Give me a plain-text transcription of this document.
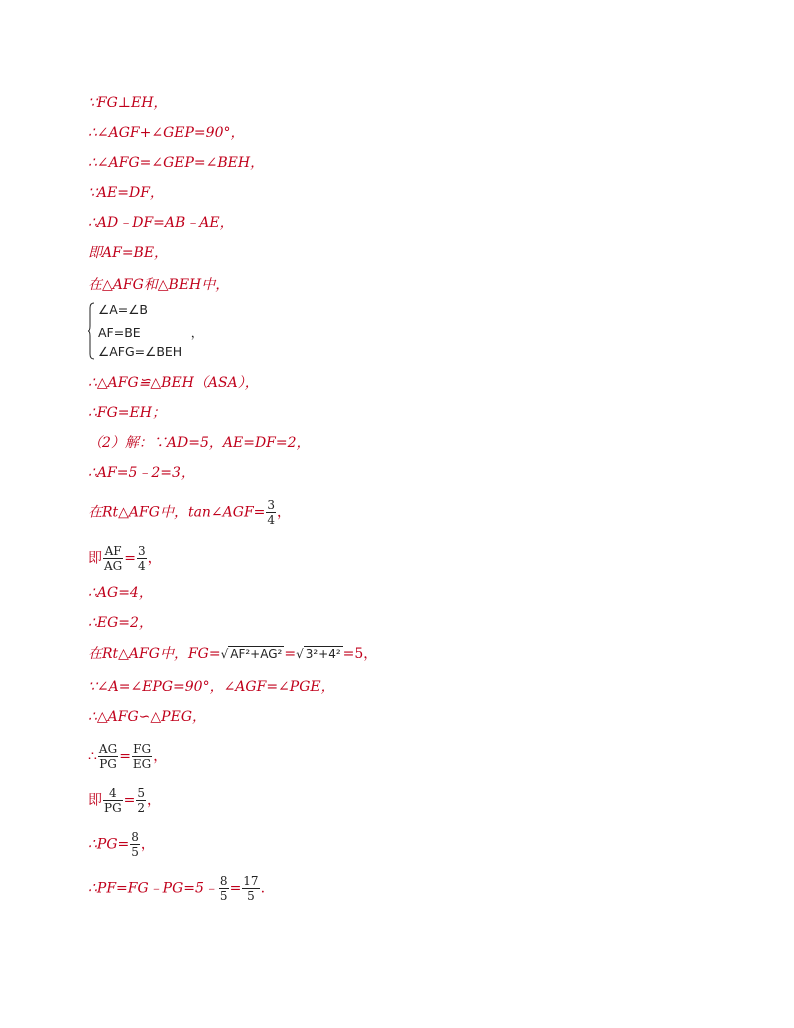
∵FG⊥EH，
∴∠AGF+∠GEP=90°，
∴∠AFG=∠GEP=∠BEH，
∵AE=DF，
∴AD﹣DF=AB﹣AE，
即AF=BE，
在△AFG和△BEH中，
∠A=∠B
AF=BE	，
∠AFG=∠BEH
∴△AFG≌△BEH（ASA），
∴FG=EH；
（2）解：∵AD=5，AE=DF=2，
∴AF=5﹣2=3，
在Rt△AFG中，tan∠AGF= $\frac{3}{4}$ ，
即 $\frac{AF}{AG} = \frac{3}{4}$ ，
∴AG=4，
∴EG=2，
在Rt△AFG中，FG=√ AF²+AG² =√ 3²+4² =5，
∵∠A=∠EPG=90°，∠AGF=∠PGE，
∴△AFG∽△PEG，
∴ $\frac{AG}{PG} = \frac{FG}{EG}$ ，
即 $\frac{4}{PG} = \frac{5}{2}$ ，
∴PG= $\frac{8}{5}$ ，
∴PF=FG﹣PG=5﹣ $\frac{8}{5} = \frac{17}{5}$ .
